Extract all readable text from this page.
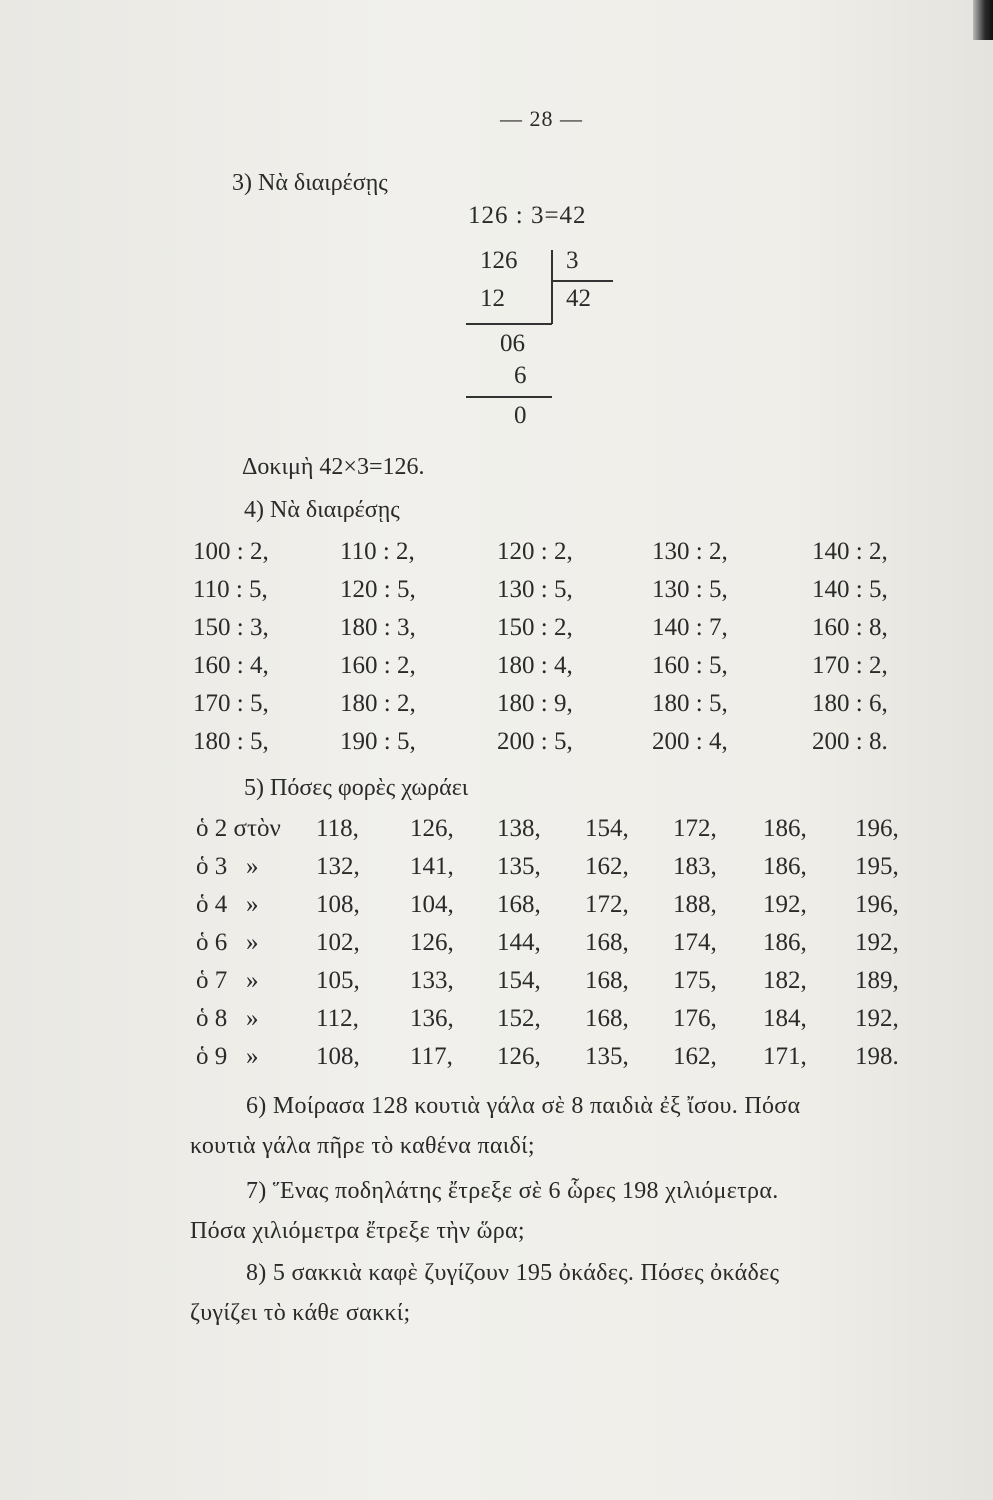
— 28 —
3) Νὰ διαιρέσῃς
126 : 3=42
126 3
12 42
06
6
0
Δοκιμὴ 42×3=126.
4) Νὰ διαιρέσῃς
100 : 2,	110 : 2,	120 : 2,	130 : 2,	140 : 2,
110 : 5,	120 : 5,	130 : 5,	130 : 5,	140 : 5,
150 : 3,	180 : 3,	150 : 2,	140 : 7,	160 : 8,
160 : 4,	160 : 2,	180 : 4,	160 : 5,	170 : 2,
170 : 5,	180 : 2,	180 : 9,	180 : 5,	180 : 6,
180 : 5,	190 : 5,	200 : 5,	200 : 4,	200 : 8.
5) Πόσες φορὲς χωράει
ὁ 2 στὸν 118, 126, 138, 154, 172, 186, 196,
ὁ 3   » 132, 141, 135, 162, 183, 186, 195,
ὁ 4   » 108, 104, 168, 172, 188, 192, 196,
ὁ 6   » 102, 126, 144, 168, 174, 186, 192,
ὁ 7   » 105, 133, 154, 168, 175, 182, 189,
ὁ 8   » 112, 136, 152, 168, 176, 184, 192,
ὁ 9   » 108, 117, 126, 135, 162, 171, 198.
6) Μοίρασα 128 κουτιὰ γάλα σὲ 8 παιδιὰ ἐξ ἴσου. Πόσα
κουτιὰ γάλα πῆρε τὸ καθένα παιδί;
7) Ἕνας ποδηλάτης ἔτρεξε σὲ 6 ὧρες 198 χιλιόμετρα.
Πόσα χιλιόμετρα ἔτρεξε τὴν ὥρα;
8) 5 σακκιὰ καφὲ ζυγίζουν 195 ὀκάδες. Πόσες ὀκάδες
ζυγίζει τὸ κάθε σακκί;
